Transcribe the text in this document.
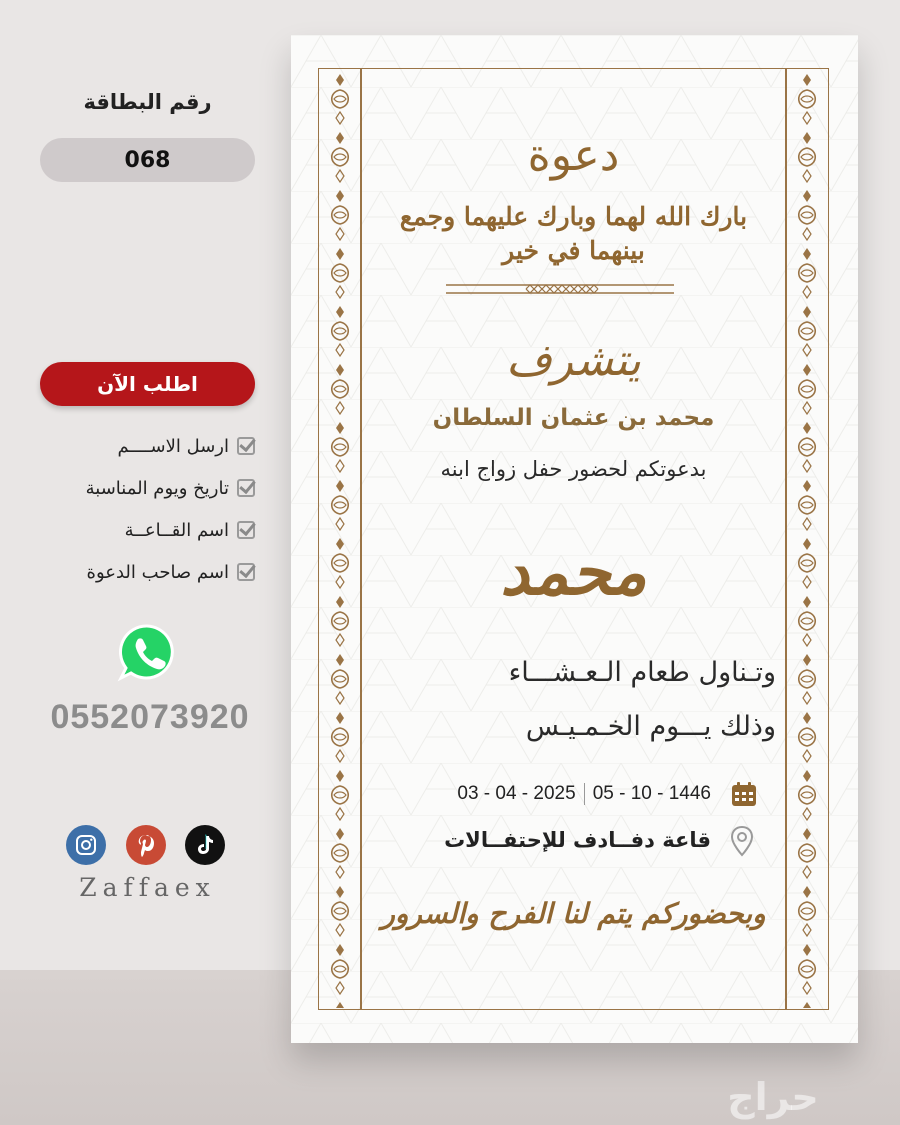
حراج
رقم البطاقة
068
اطلب الآن
ارسل الاســــم
تاريخ ويوم المناسبة
اسم القــاعــة
اسم صاحب الدعوة
0552073920
Zaffaex
دعوة
بارك الله لهما وبارك عليهما وجمع بينهما في خير
يتشرف
محمد بن عثمان السلطان
بدعوتكم لحضور حفل زواج ابنه
محمد
وتـناول طعام الـعـشـــاء
وذلك يـــوم الخـمـيـس
03 - 04 - 2025 05 - 10 - 1446
قاعة دفــادف للإحتفــالات
وبحضوركم يتم لنا الفرح والسرور
